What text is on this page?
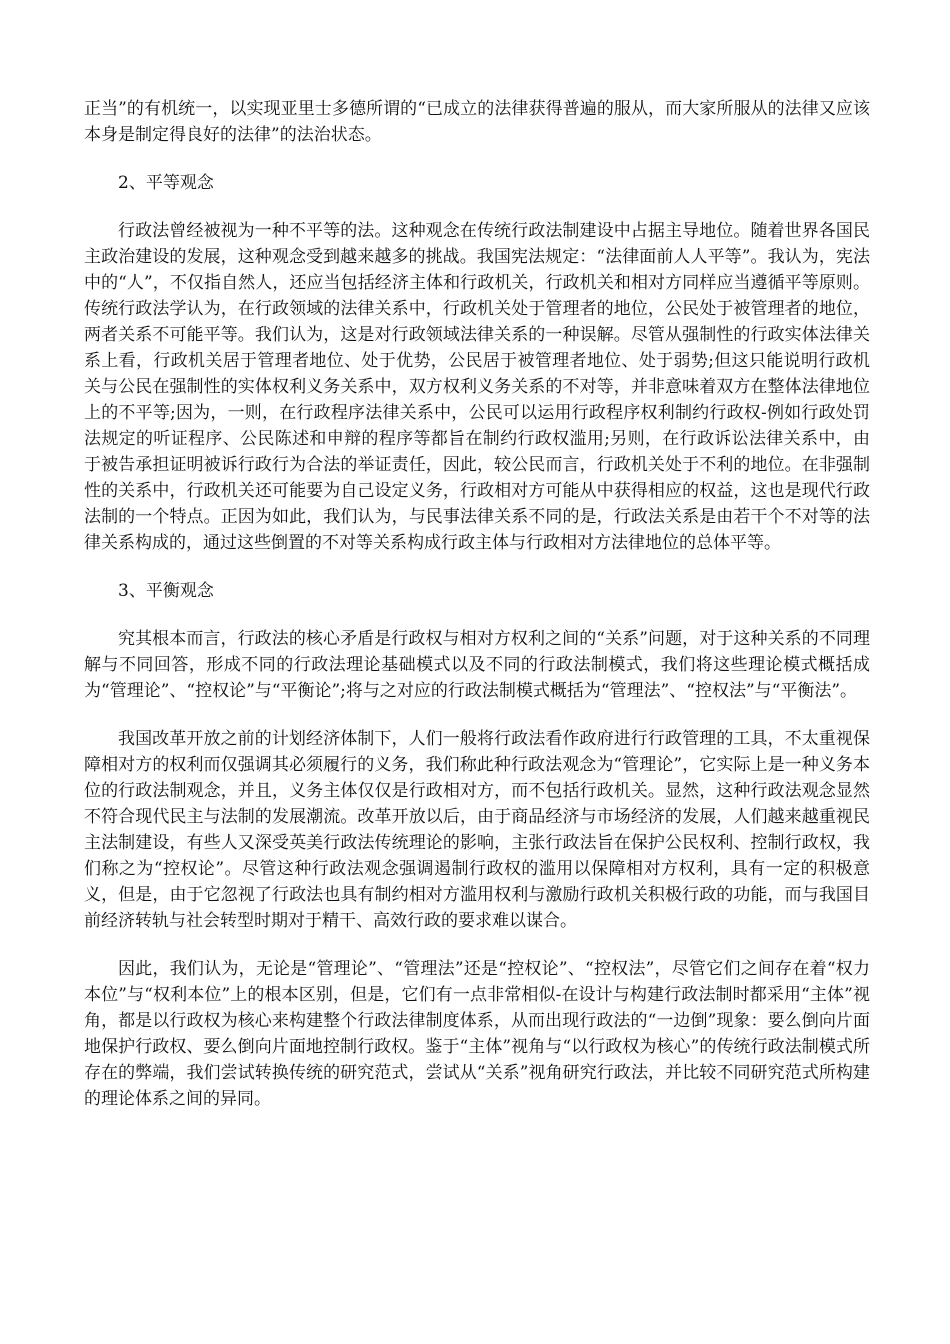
正当”的有机统一，以实现亚里士多德所谓的“已成立的法律获得普遍的服从，而大家所服从的法律又应该本身是制定得良好的法律”的法治状态。

2、平等观念

行政法曾经被视为一种不平等的法。这种观念在传统行政法制建设中占据主导地位。随着世界各国民主政治建设的发展，这种观念受到越来越多的挑战。我国宪法规定：“法律面前人人平等”。我认为，宪法中的“人”，不仅指自然人，还应当包括经济主体和行政机关，行政机关和相对方同样应当遵循平等原则。传统行政法学认为，在行政领域的法律关系中，行政机关处于管理者的地位，公民处于被管理者的地位，两者关系不可能平等。我们认为，这是对行政领域法律关系的一种误解。尽管从强制性的行政实体法律关系上看，行政机关居于管理者地位、处于优势，公民居于被管理者地位、处于弱势;但这只能说明行政机关与公民在强制性的实体权利义务关系中，双方权利义务关系的不对等，并非意味着双方在整体法律地位上的不平等;因为，一则，在行政程序法律关系中，公民可以运用行政程序权利制约行政权-例如行政处罚法规定的听证程序、公民陈述和申辩的程序等都旨在制约行政权滥用;另则，在行政诉讼法律关系中，由于被告承担证明被诉行政行为合法的举证责任，因此，较公民而言，行政机关处于不利的地位。在非强制性的关系中，行政机关还可能要为自己设定义务，行政相对方可能从中获得相应的权益，这也是现代行政法制的一个特点。正因为如此，我们认为，与民事法律关系不同的是，行政法关系是由若干个不对等的法律关系构成的，通过这些倒置的不对等关系构成行政主体与行政相对方法律地位的总体平等。

3、平衡观念

究其根本而言，行政法的核心矛盾是行政权与相对方权利之间的“关系”问题，对于这种关系的不同理解与不同回答，形成不同的行政法理论基础模式以及不同的行政法制模式，我们将这些理论模式概括成为“管理论”、“控权论”与“平衡论”;将与之对应的行政法制模式概括为“管理法”、“控权法”与“平衡法”。

我国改革开放之前的计划经济体制下，人们一般将行政法看作政府进行行政管理的工具，不太重视保障相对方的权利而仅强调其必须履行的义务，我们称此种行政法观念为“管理论”，它实际上是一种义务本位的行政法制观念，并且，义务主体仅仅是行政相对方，而不包括行政机关。显然，这种行政法观念显然不符合现代民主与法制的发展潮流。改革开放以后，由于商品经济与市场经济的发展，人们越来越重视民主法制建设，有些人又深受英美行政法传统理论的影响，主张行政法旨在保护公民权利、控制行政权，我们称之为“控权论”。尽管这种行政法观念强调遏制行政权的滥用以保障相对方权利，具有一定的积极意义，但是，由于它忽视了行政法也具有制约相对方滥用权利与激励行政机关积极行政的功能，而与我国目前经济转轨与社会转型时期对于精干、高效行政的要求难以谋合。

因此，我们认为，无论是“管理论”、“管理法”还是“控权论”、“控权法”，尽管它们之间存在着“权力本位”与“权利本位”上的根本区别，但是，它们有一点非常相似-在设计与构建行政法制时都采用“主体”视角，都是以行政权为核心来构建整个行政法律制度体系，从而出现行政法的“一边倒”现象：要么倒向片面地保护行政权、要么倒向片面地控制行政权。鉴于“主体”视角与“以行政权为核心”的传统行政法制模式所存在的弊端，我们尝试转换传统的研究范式，尝试从“关系”视角研究行政法，并比较不同研究范式所构建的理论体系之间的异同。
